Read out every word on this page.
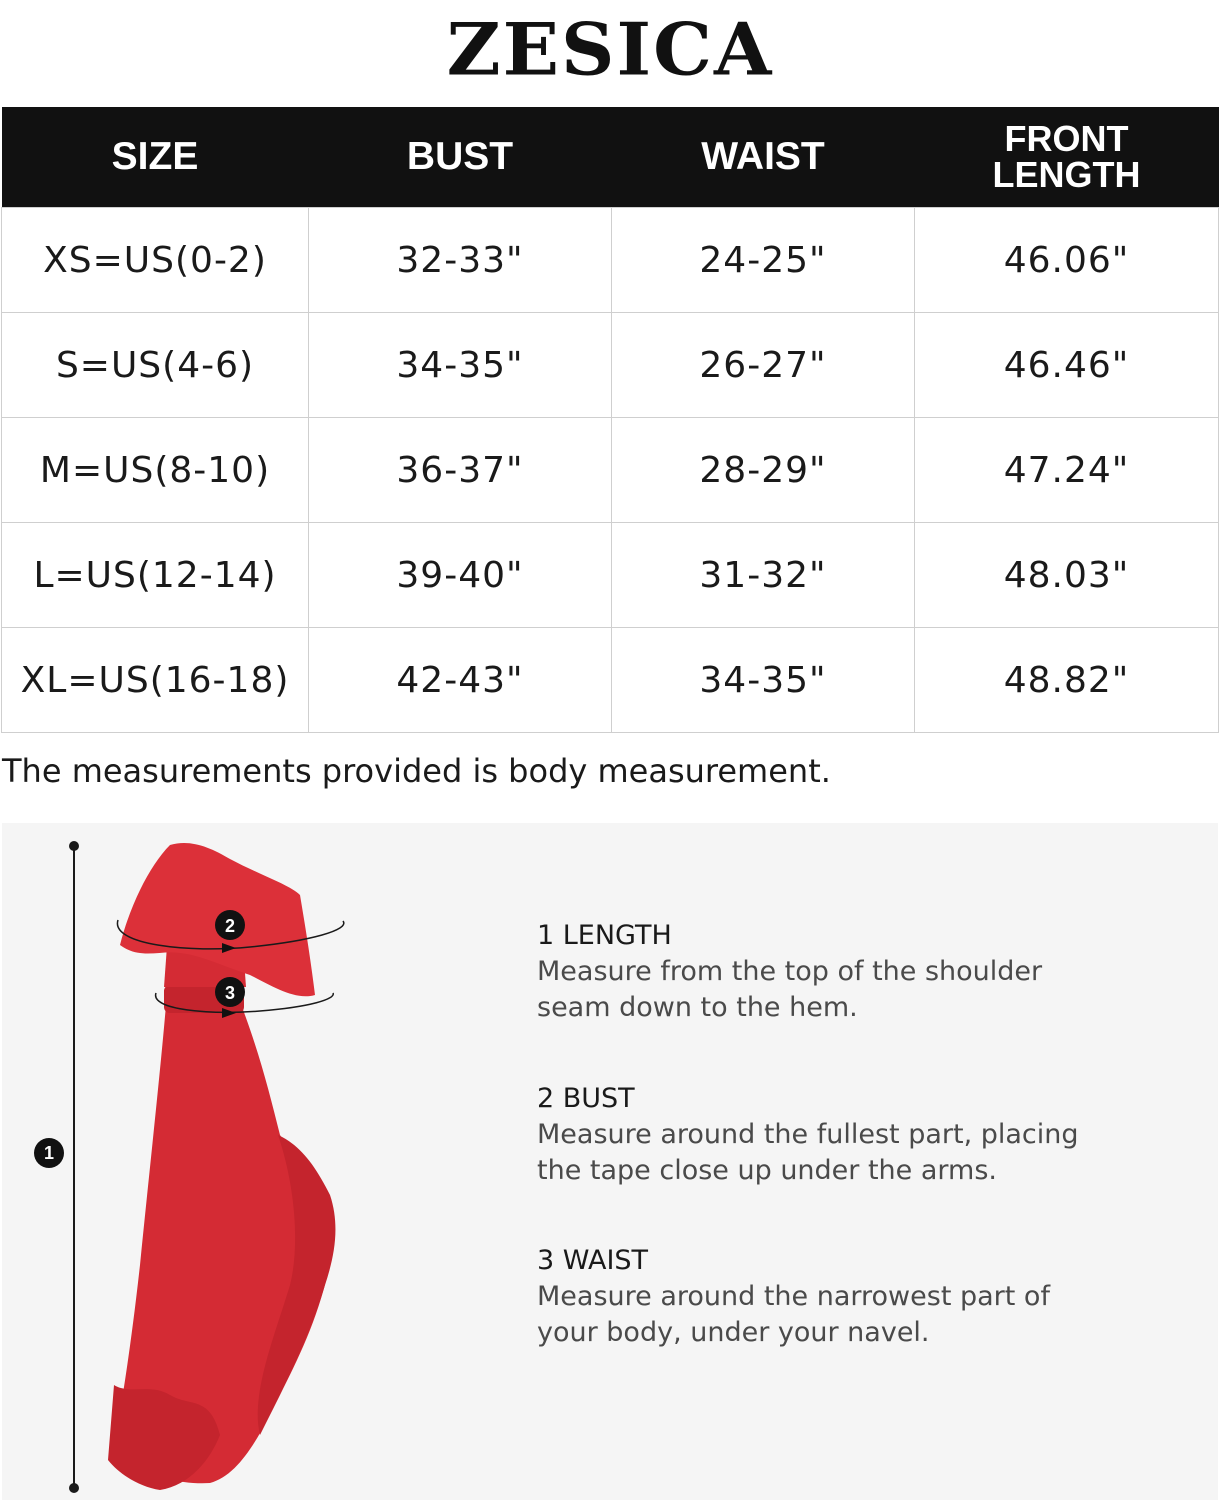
ZESICA
SIZE	BUST	WAIST	FRONT
LENGTH
XS=US(0-2)	32-33"	24-25"	46.06"
S=US(4-6)	34-35"	26-27"	46.46"
M=US(8-10)	36-37"	28-29"	47.24"
L=US(12-14)	39-40"	31-32"	48.03"
XL=US(16-18)	42-43"	34-35"	48.82"
The measurements provided is body measurement.
1
2
3
1 LENGTH
Measure from the top of the shoulder
seam down to the hem.
2 BUST
Measure around the fullest part, placing
the tape close up under the arms.
3 WAIST
Measure around the narrowest part of
your body, under your navel.
